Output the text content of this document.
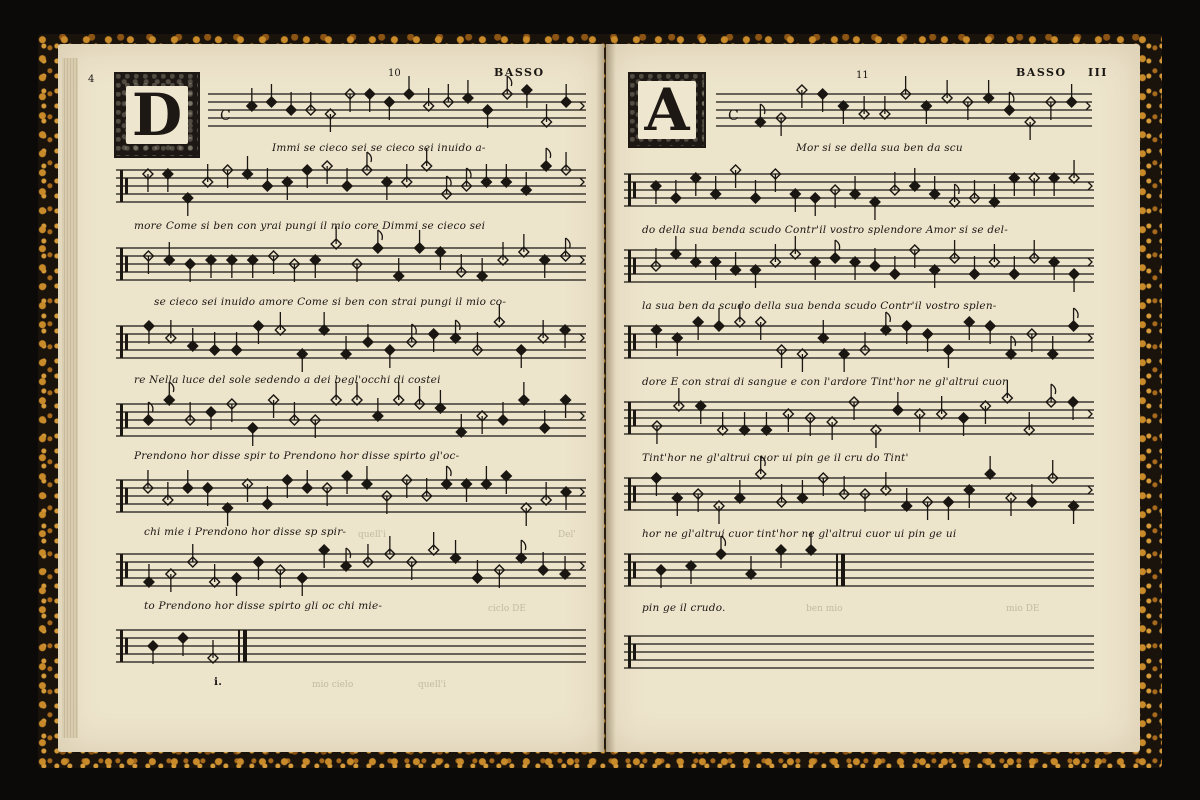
4
10	BASSO
D	C
Immi se cieco sei se cieco sei inuido a-
more Come si ben con yrai pungi il mio core Dimmi se cieco sei
se cieco sei inuido amore Come si ben con strai pungi il mio co-
re Nella luce del sole sedendo a dei begl'occhi di costei
Prendono hor disse spir to Prendono hor disse spirto gl'oc-
chi mie i Prendono hor disse sp spir-
to Prendono hor disse spirto gli oc chi mie-
i.
quell'i	Del'
quell'i
mio cielo
ciclo DE
11	BASSO III
A	C
Mor si se della sua ben da scu
do della sua benda scudo Contr'il vostro splendore Amor si se del-
la sua ben da scudo della sua benda scudo Contr'il vostro splen-
dore E con strai di sangue e con l'ardore Tint'hor ne gl'altrui cuor
Tint'hor ne gl'altrui cuor ui pin ge il cru do Tint'
hor ne gl'altrui cuor tint'hor ne gl'altrui cuor ui pin ge ui
pin ge il crudo.	ben mio	mio DE
